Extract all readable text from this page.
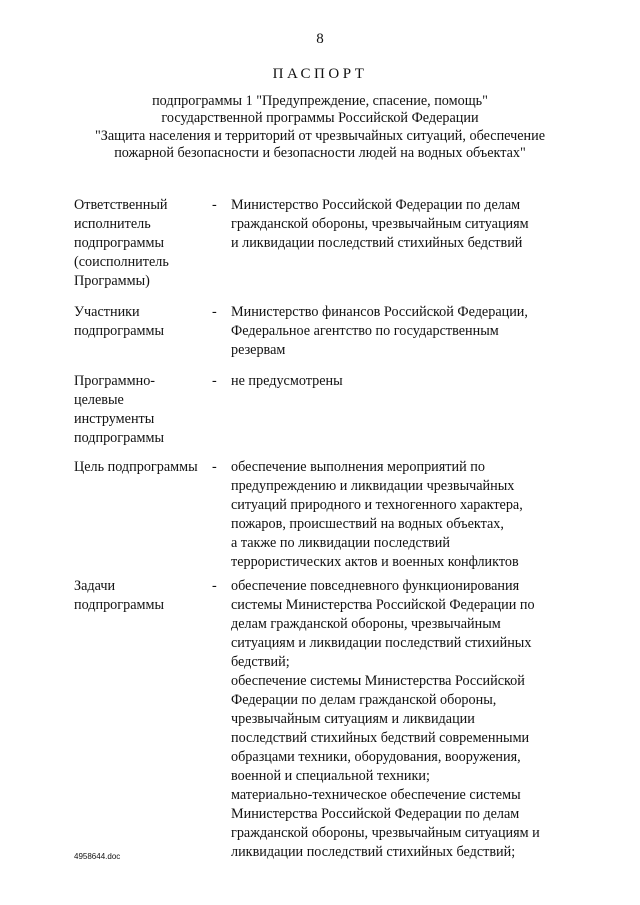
8
ПАСПОРТ
подпрограммы 1 "Предупреждение, спасение, помощь"
государственной программы Российской Федерации
"Защита населения и территорий от чрезвычайных ситуаций, обеспечение
пожарной безопасности и безопасности людей на водных объектах"
Ответственный
исполнитель
подпрограммы
(соисполнитель
Программы)
- Министерство Российской Федерации по делам
гражданской обороны, чрезвычайным ситуациям
и ликвидации последствий стихийных бедствий
Участники
подпрограммы
- Министерство финансов Российской Федерации,
Федеральное агентство по государственным
резервам
Программно-
целевые
инструменты
подпрограммы
- не предусмотрены
Цель подпрограммы	- обеспечение выполнения мероприятий по
предупреждению и ликвидации чрезвычайных
ситуаций природного и техногенного характера,
пожаров, происшествий на водных объектах,
а также по ликвидации последствий
террористических актов и военных конфликтов
Задачи
подпрограммы
- обеспечение повседневного функционирования
системы Министерства Российской Федерации по
делам гражданской обороны, чрезвычайным
ситуациям и ликвидации последствий стихийных
бедствий;
обеспечение системы Министерства Российской
Федерации по делам гражданской обороны,
чрезвычайным ситуациям и ликвидации
последствий стихийных бедствий современными
образцами техники, оборудования, вооружения,
военной и специальной техники;
материально-техническое обеспечение системы
Министерства Российской Федерации по делам
гражданской обороны, чрезвычайным ситуациям и
ликвидации последствий стихийных бедствий;
4958644.doc
